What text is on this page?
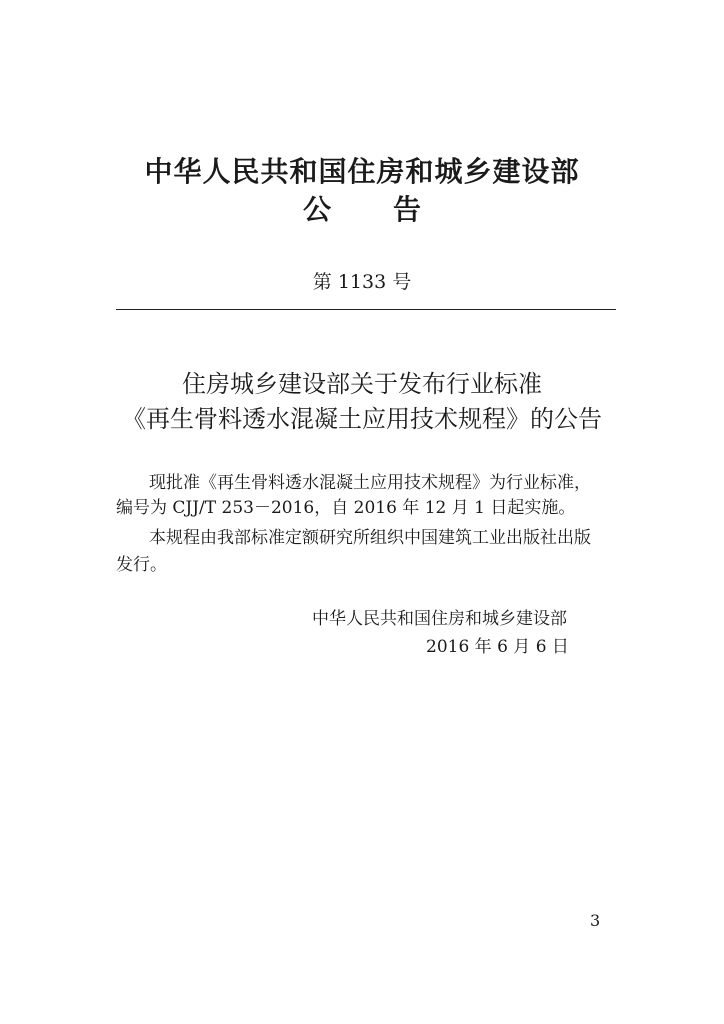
中华人民共和国住房和城乡建设部
公 告
第 1133 号
住房城乡建设部关于发布行业标准
《再生骨料透水混凝土应用技术规程》的公告
现批准《再生骨料透水混凝土应用技术规程》为行业标准，
编号为 CJJ/T 253－2016，自 2016 年 12 月 1 日起实施。
本规程由我部标准定额研究所组织中国建筑工业出版社出版
发行。
中华人民共和国住房和城乡建设部
2016 年 6 月 6 日
3
